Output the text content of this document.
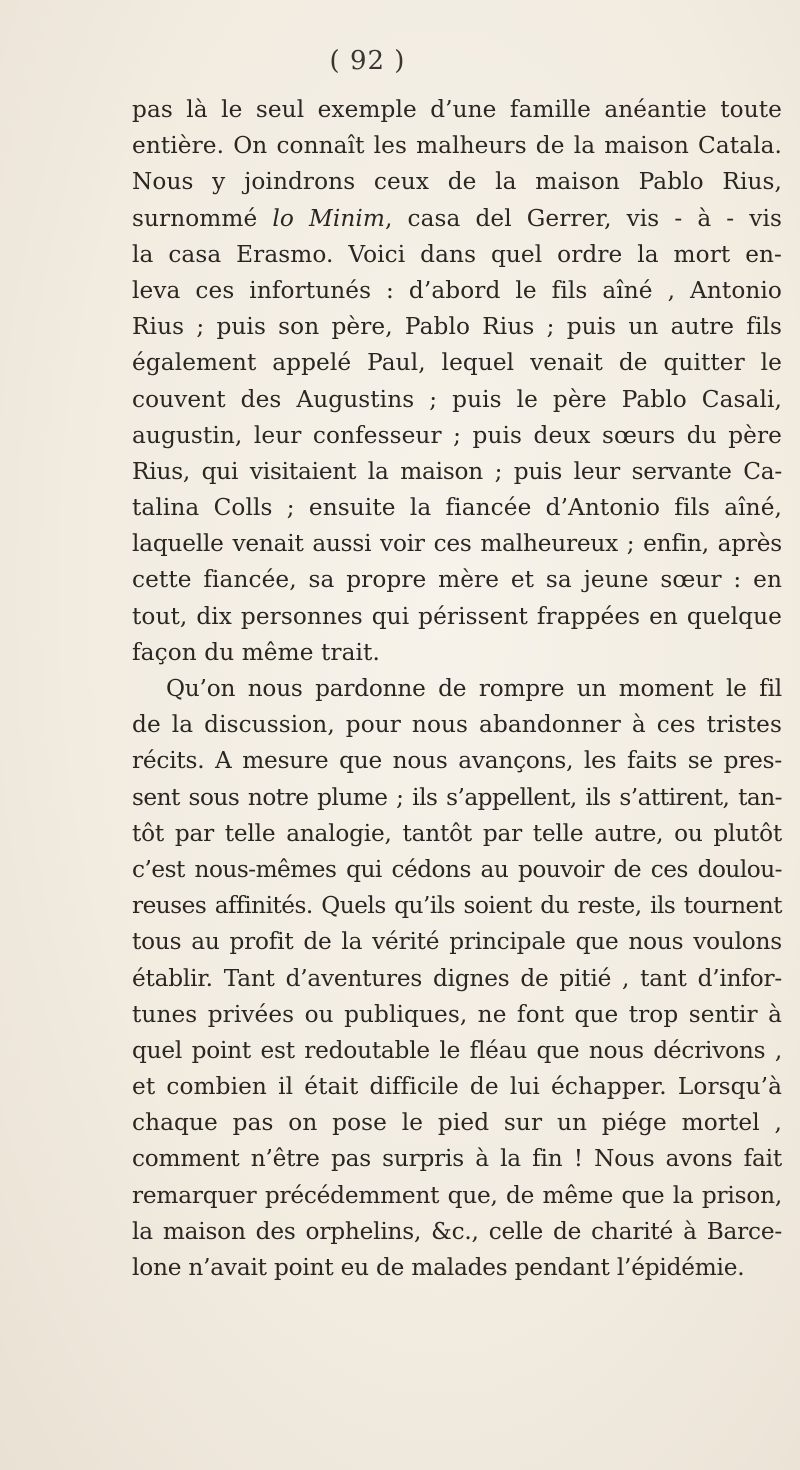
( 92 )
pas là le seul exemple d’une famille anéantie toute
entière. On connaît les malheurs de la maison Catala.
Nous y joindrons ceux de la maison Pablo Rius,
surnommé lo Minim, casa del Gerrer, vis - à - vis
la casa Erasmo. Voici dans quel ordre la mort en-
leva ces infortunés : d’abord le fils aîné , Antonio
Rius ; puis son père, Pablo Rius ; puis un autre fils
également appelé Paul, lequel venait de quitter le
couvent des Augustins ; puis le père Pablo Casali,
augustin, leur confesseur ; puis deux sœurs du père
Rius, qui visitaient la maison ; puis leur servante Ca-
talina Colls ; ensuite la fiancée d’Antonio fils aîné,
laquelle venait aussi voir ces malheureux ; enfin, après
cette fiancée, sa propre mère et sa jeune sœur : en
tout, dix personnes qui périssent frappées en quelque
façon du même trait.
Qu’on nous pardonne de rompre un moment le fil
de la discussion, pour nous abandonner à ces tristes
récits. A mesure que nous avançons, les faits se pres-
sent sous notre plume ; ils s’appellent, ils s’attirent, tan-
tôt par telle analogie, tantôt par telle autre, ou plutôt
c’est nous-mêmes qui cédons au pouvoir de ces doulou-
reuses affinités. Quels qu’ils soient du reste, ils tournent
tous au profit de la vérité principale que nous voulons
établir. Tant d’aventures dignes de pitié , tant d’infor-
tunes privées ou publiques, ne font que trop sentir à
quel point est redoutable le fléau que nous décrivons ,
et combien il était difficile de lui échapper. Lorsqu’à
chaque pas on pose le pied sur un piége mortel ,
comment n’être pas surpris à la fin ! Nous avons fait
remarquer précédemment que, de même que la prison,
la maison des orphelins, &c., celle de charité à Barce-
lone n’avait point eu de malades pendant l’épidémie.
